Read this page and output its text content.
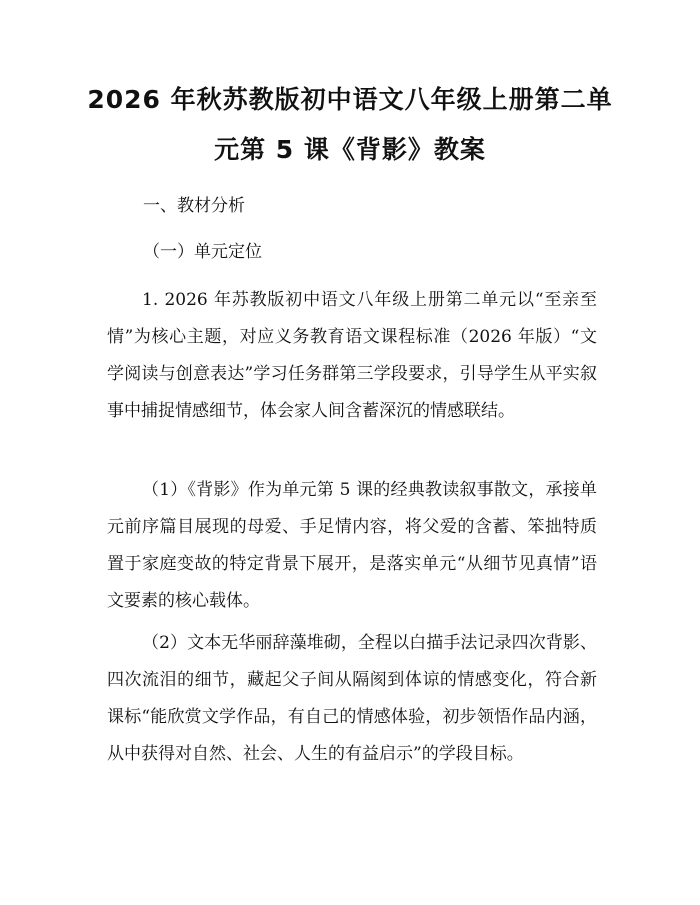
2026 年秋苏教版初中语文八年级上册第二单
元第 5 课《背影》教案
一、教材分析
（一）单元定位

1. 2026 年苏教版初中语文八年级上册第二单元以“至亲至情”为核心主题，对应义务教育语文课程标准（2026 年版）“文学阅读与创意表达”学习任务群第三学段要求，引导学生从平实叙事中捕捉情感细节，体会家人间含蓄深沉的情感联结。

（1）《背影》作为单元第 5 课的经典教读叙事散文，承接单元前序篇目展现的母爱、手足情内容，将父爱的含蓄、笨拙特质置于家庭变故的特定背景下展开，是落实单元“从细节见真情”语文要素的核心载体。

（2）文本无华丽辞藻堆砌，全程以白描手法记录四次背影、四次流泪的细节，藏起父子间从隔阂到体谅的情感变化，符合新课标“能欣赏文学作品，有自己的情感体验，初步领悟作品内涵，从中获得对自然、社会、人生的有益启示”的学段目标。
